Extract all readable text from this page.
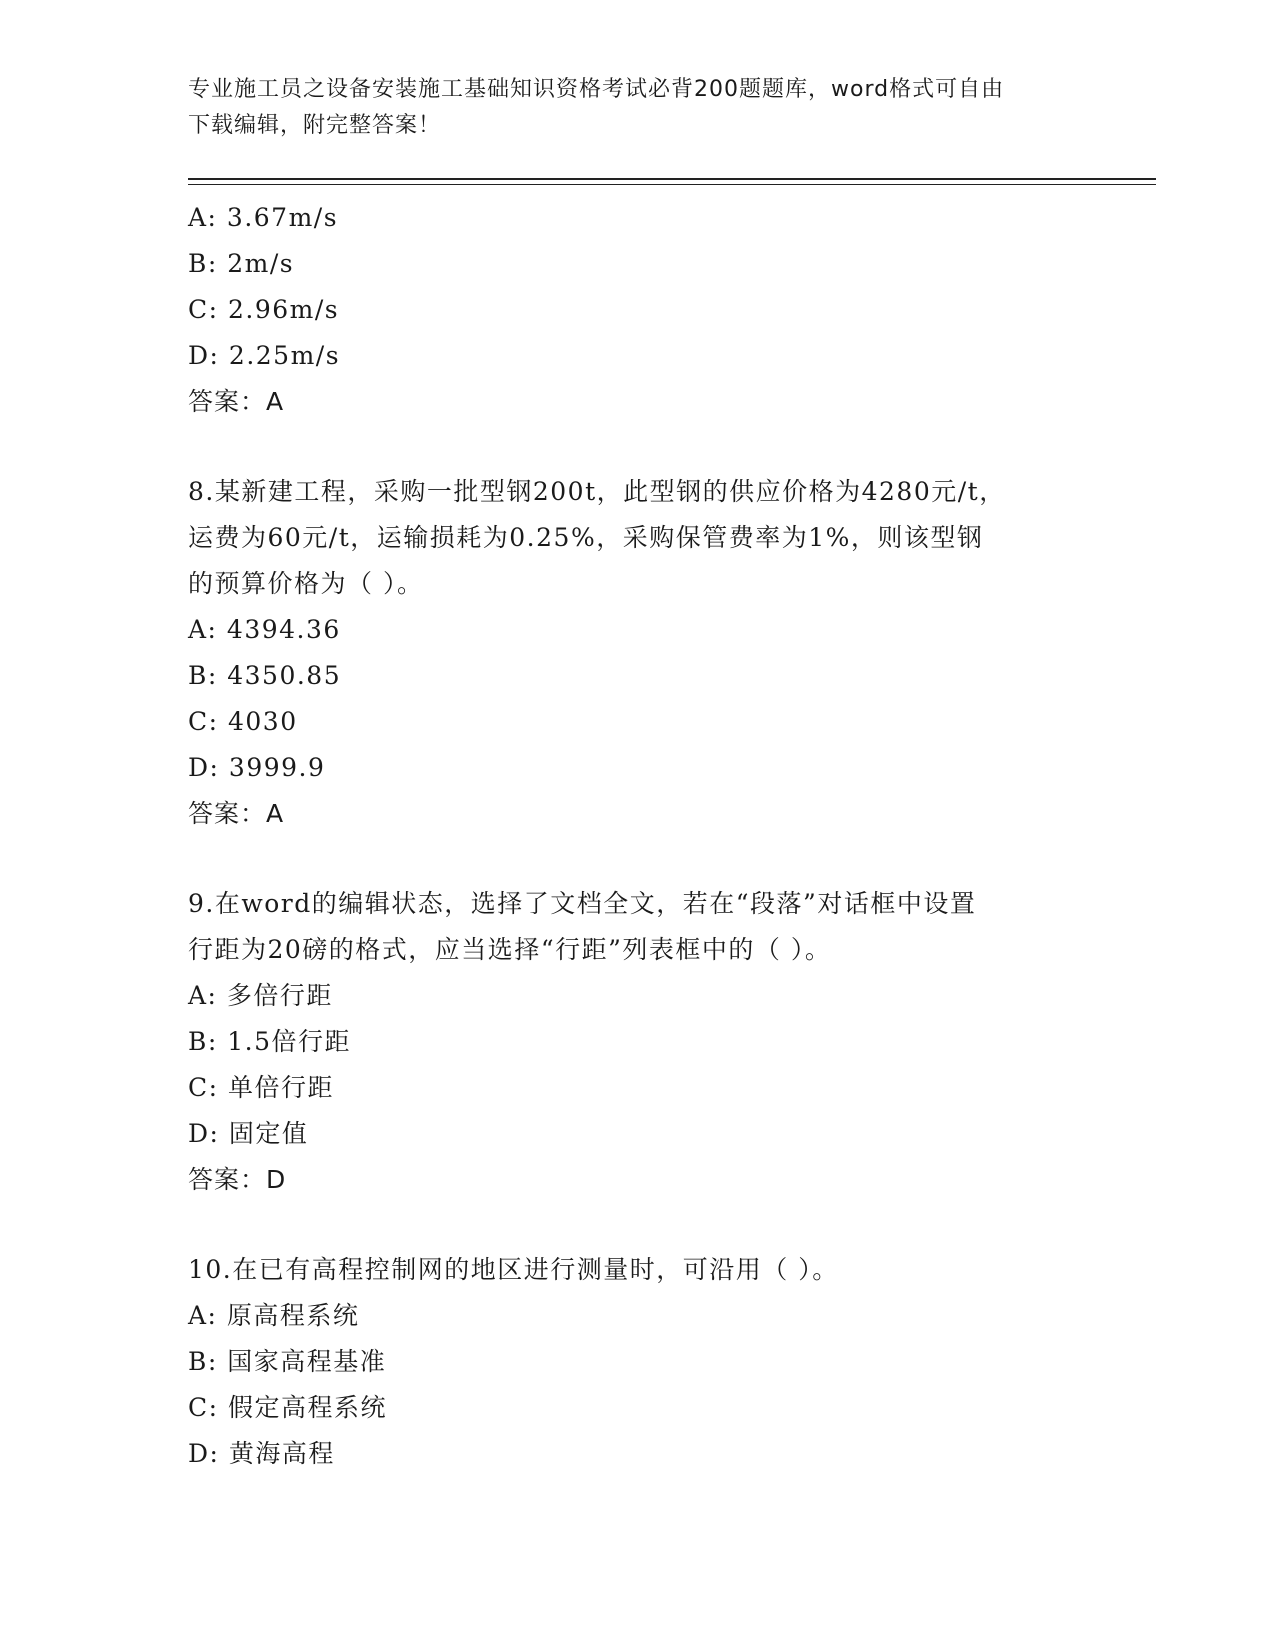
专业施工员之设备安装施工基础知识资格考试必背200题题库，word格式可自由
下载编辑，附完整答案！
A: 3.67m/s
B: 2m/s
C: 2.96m/s
D: 2.25m/s
答案：A
8.某新建工程，采购一批型钢200t，此型钢的供应价格为4280元/t，
运费为60元/t，运输损耗为0.25%，采购保管费率为1%，则该型钢
的预算价格为（ ）。
A: 4394.36
B: 4350.85
C: 4030
D: 3999.9
答案：A
9.在word的编辑状态，选择了文档全文，若在“段落”对话框中设置
行距为20磅的格式，应当选择“行距”列表框中的（ ）。
A: 多倍行距
B: 1.5倍行距
C: 单倍行距
D: 固定值
答案：D
10.在已有高程控制网的地区进行测量时，可沿用（ ）。
A: 原高程系统
B: 国家高程基准
C: 假定高程系统
D: 黄海高程
